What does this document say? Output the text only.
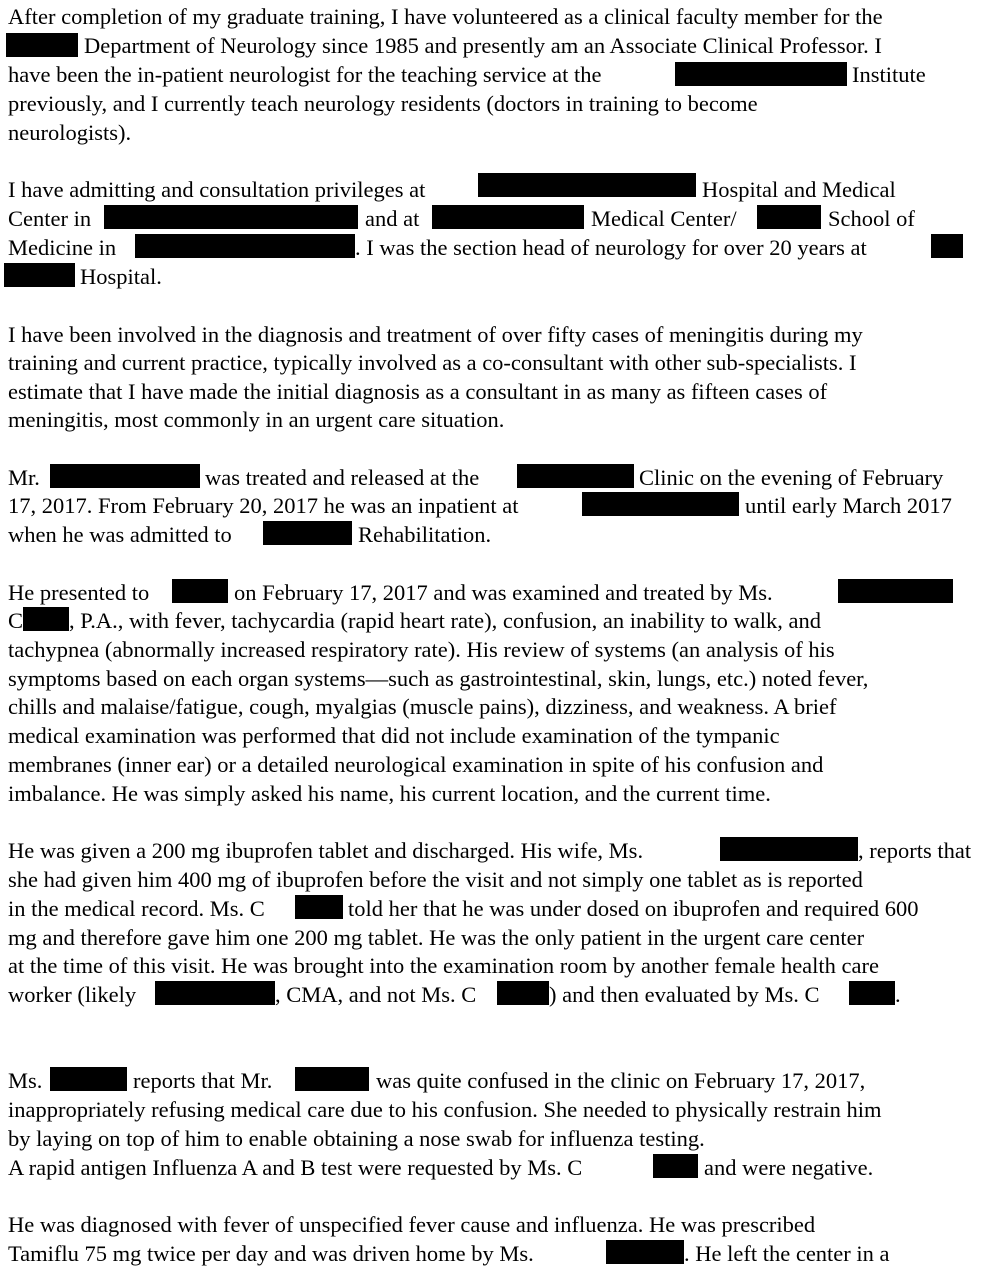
After completion of my graduate training, I have volunteered as a clinical faculty member for the
Department of Neurology since 1985 and presently am an Associate Clinical Professor. I
have been the in-patient neurologist for the teaching service at the	Institute
previously, and I currently teach neurology residents (doctors in training to become
neurologists).
I have admitting and consultation privileges at	Hospital and Medical
Center in	and at	Medical Center/	School of
Medicine in	. I was the section head of neurology for over 20 years at
Hospital.
I have been involved in the diagnosis and treatment of over fifty cases of meningitis during my
training and current practice, typically involved as a co-consultant with other sub-specialists. I
estimate that I have made the initial diagnosis as a consultant in as many as fifteen cases of
meningitis, most commonly in an urgent care situation.
Mr.	was treated and released at the	Clinic on the evening of February
17, 2017. From February 20, 2017 he was an inpatient at	until early March 2017
when he was admitted to	Rehabilitation.
He presented to	on February 17, 2017 and was examined and treated by Ms.
C , P.A., with fever, tachycardia (rapid heart rate), confusion, an inability to walk, and
tachypnea (abnormally increased respiratory rate). His review of systems (an analysis of his
symptoms based on each organ systems—such as gastrointestinal, skin, lungs, etc.) noted fever,
chills and malaise/fatigue, cough, myalgias (muscle pains), dizziness, and weakness. A brief
medical examination was performed that did not include examination of the tympanic
membranes (inner ear) or a detailed neurological examination in spite of his confusion and
imbalance. He was simply asked his name, his current location, and the current time.
He was given a 200 mg ibuprofen tablet and discharged. His wife, Ms.	, reports that
she had given him 400 mg of ibuprofen before the visit and not simply one tablet as is reported
in the medical record. Ms. C	told her that he was under dosed on ibuprofen and required 600
mg and therefore gave him one 200 mg tablet. He was the only patient in the urgent care center
at the time of this visit. He was brought into the examination room by another female health care
worker (likely	, CMA, and not Ms. C	) and then evaluated by Ms. C	.
Ms.	reports that Mr.	was quite confused in the clinic on February 17, 2017,
inappropriately refusing medical care due to his confusion. She needed to physically restrain him
by laying on top of him to enable obtaining a nose swab for influenza testing.
A rapid antigen Influenza A and B test were requested by Ms. C	and were negative.
He was diagnosed with fever of unspecified fever cause and influenza. He was prescribed
Tamiflu 75 mg twice per day and was driven home by Ms.	. He left the center in a
